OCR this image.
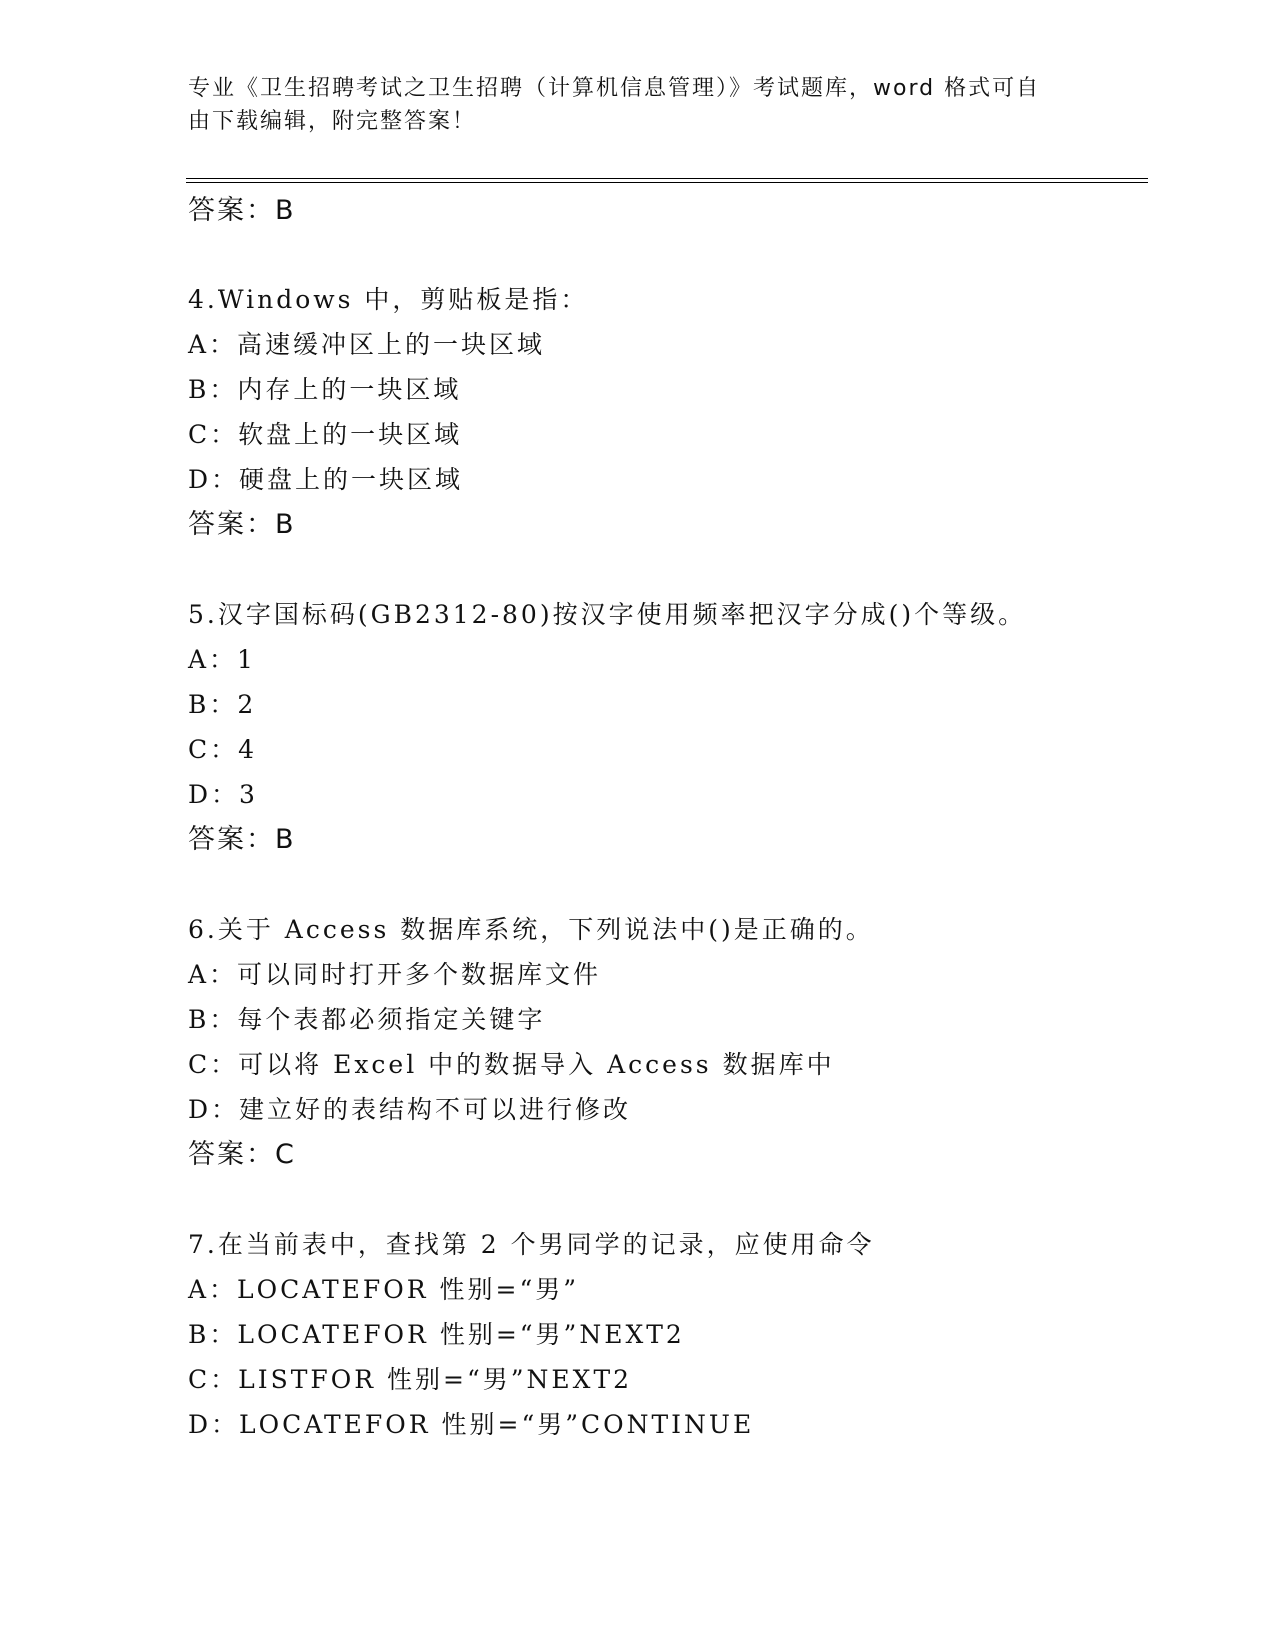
专业《卫生招聘考试之卫生招聘（计算机信息管理）》考试题库，word 格式可自
由下载编辑，附完整答案！
答案：B
4.Windows 中，剪贴板是指：
A：高速缓冲区上的一块区域
B：内存上的一块区域
C：软盘上的一块区域
D：硬盘上的一块区域
答案：B
5.汉字国标码(GB2312-80)按汉字使用频率把汉字分成()个等级。
A：1
B：2
C：4
D：3
答案：B
6.关于 Access 数据库系统，下列说法中()是正确的。
A：可以同时打开多个数据库文件
B：每个表都必须指定关键字
C：可以将 Excel 中的数据导入 Access 数据库中
D：建立好的表结构不可以进行修改
答案：C
7.在当前表中，查找第 2 个男同学的记录，应使用命令
A：LOCATEFOR 性别=“男”
B：LOCATEFOR 性别=“男”NEXT2
C：LISTFOR 性别=“男”NEXT2
D：LOCATEFOR 性别=“男”CONTINUE
